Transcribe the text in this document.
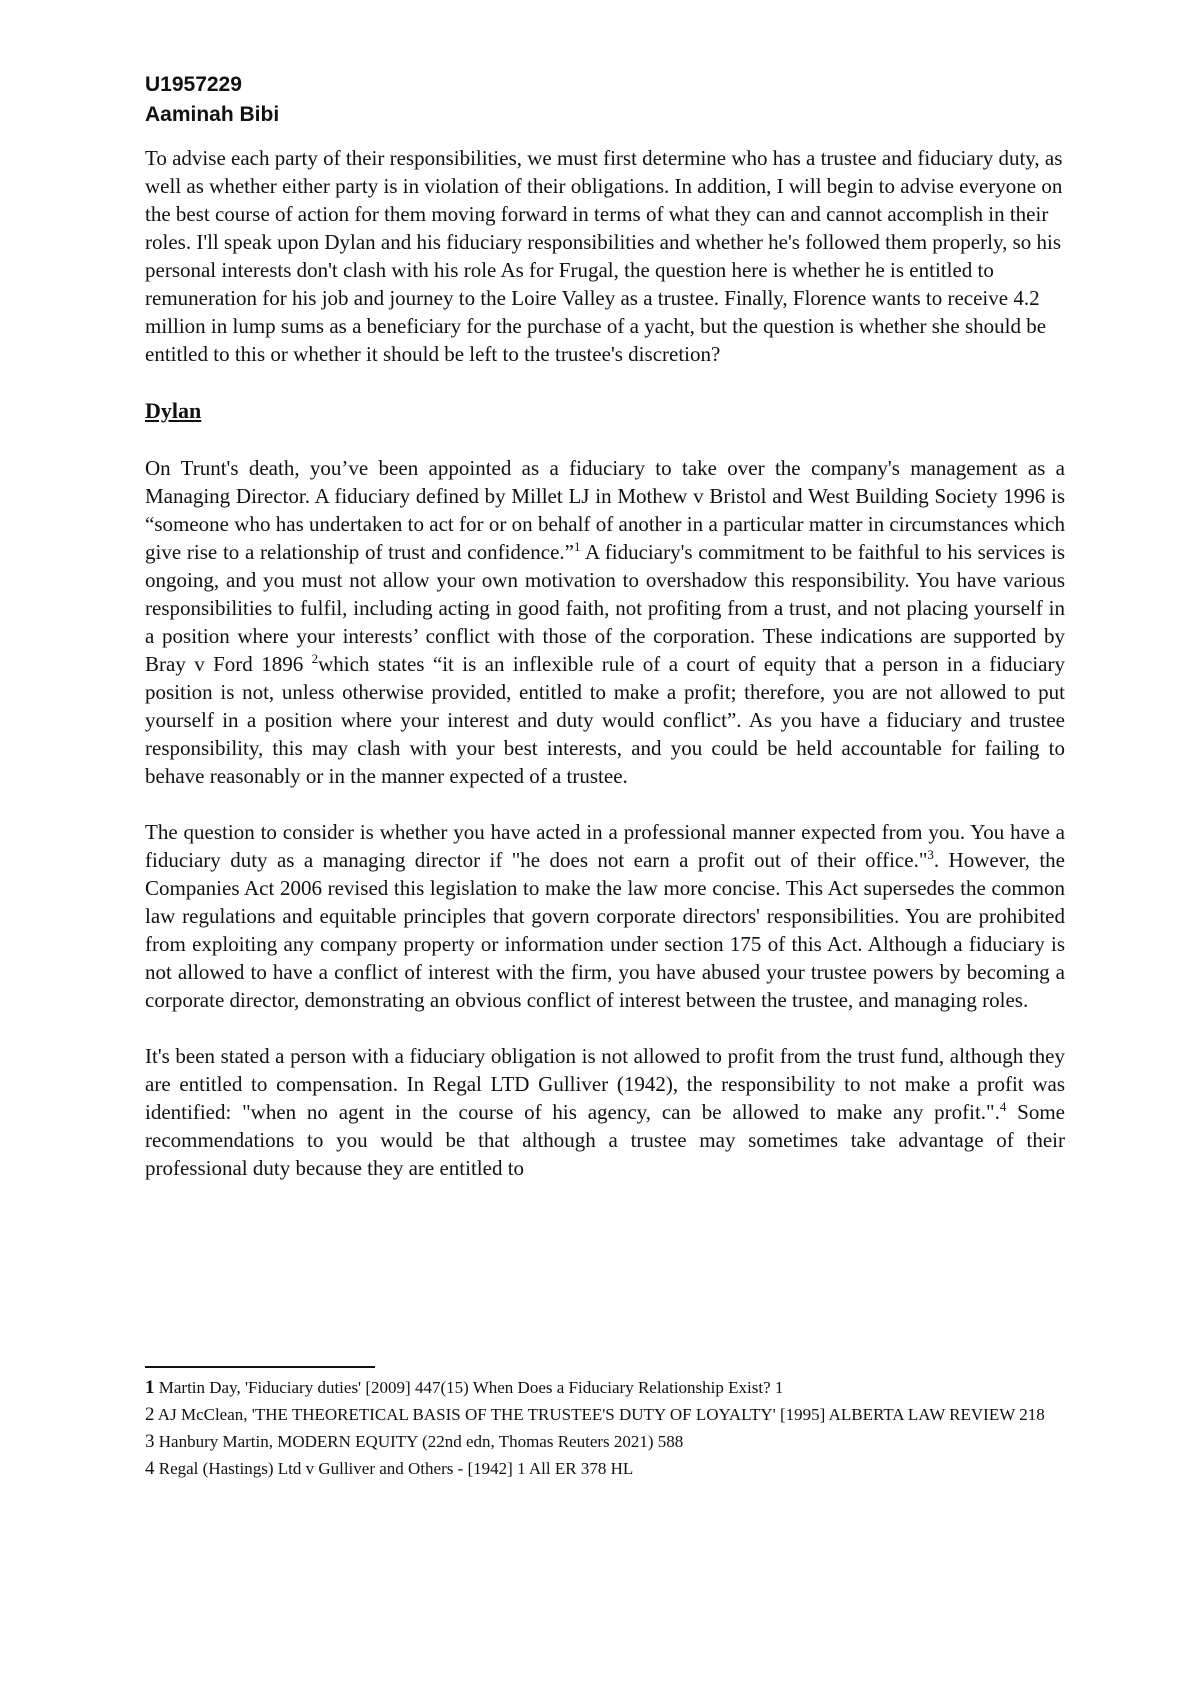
U1957229

Aaminah Bibi

To advise each party of their responsibilities, we must first determine who has a trustee and fiduciary duty, as well as whether either party is in violation of their obligations. In addition, I will begin to advise everyone on the best course of action for them moving forward in terms of what they can and cannot accomplish in their roles. I'll speak upon Dylan and his fiduciary responsibilities and whether he's followed them properly, so his personal interests don't clash with his role As for Frugal, the question here is whether he is entitled to remuneration for his job and journey to the Loire Valley as a trustee. Finally, Florence wants to receive 4.2 million in lump sums as a beneficiary for the purchase of a yacht, but the question is whether she should be entitled to this or whether it should be left to the trustee's discretion?

Dylan

On Trunt's death, you’ve been appointed as a fiduciary to take over the company's management as a Managing Director. A fiduciary defined by Millet LJ in Mothew v Bristol and West Building Society 1996 is “someone who has undertaken to act for or on behalf of another in a particular matter in circumstances which give rise to a relationship of trust and confidence.”$^1$ A fiduciary's commitment to be faithful to his services is ongoing, and you must not allow your own motivation to overshadow this responsibility. You have various responsibilities to fulfil, including acting in good faith, not profiting from a trust, and not placing yourself in a position where your interests’ conflict with those of the corporation. These indications are supported by Bray v Ford 1896 $^2$which states “it is an inflexible rule of a court of equity that a person in a fiduciary position is not, unless otherwise provided, entitled to make a profit; therefore, you are not allowed to put yourself in a position where your interest and duty would conflict”. As you have a fiduciary and trustee responsibility, this may clash with your best interests, and you could be held accountable for failing to behave reasonably or in the manner expected of a trustee.

The question to consider is whether you have acted in a professional manner expected from you. You have a fiduciary duty as a managing director if "he does not earn a profit out of their office."$^3$. However, the Companies Act 2006 revised this legislation to make the law more concise. This Act supersedes the common law regulations and equitable principles that govern corporate directors' responsibilities. You are prohibited from exploiting any company property or information under section 175 of this Act. Although a fiduciary is not allowed to have a conflict of interest with the firm, you have abused your trustee powers by becoming a corporate director, demonstrating an obvious conflict of interest between the trustee, and managing roles.

It's been stated a person with a fiduciary obligation is not allowed to profit from the trust fund, although they are entitled to compensation. In Regal LTD Gulliver (1942), the responsibility to not make a profit was identified: "when no agent in the course of his agency, can be allowed to make any profit.".$^4$ Some recommendations to you would be that although a trustee may sometimes take advantage of their professional duty because they are entitled to

1 Martin Day, 'Fiduciary duties' [2009] 447(15) When Does a Fiduciary Relationship Exist? 1

2 AJ McClean, 'THE THEORETICAL BASIS OF THE TRUSTEE'S DUTY OF LOYALTY' [1995] ALBERTA LAW REVIEW 218

3 Hanbury Martin, MODERN EQUITY (22nd edn, Thomas Reuters 2021) 588

4 Regal (Hastings) Ltd v Gulliver and Others - [1942] 1 All ER 378 HL
